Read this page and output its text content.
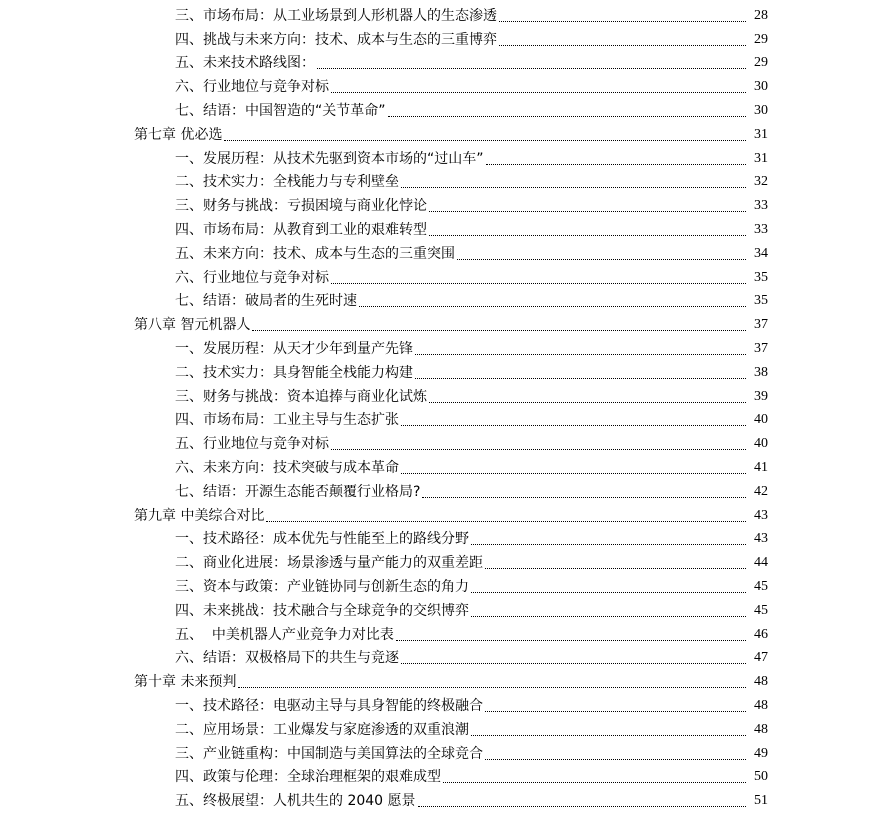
三、市场布局：从工业场景到人形机器人的生态渗透	28
四、挑战与未来方向：技术、成本与生态的三重博弈	29
五、未来技术路线图：	29
六、行业地位与竞争对标	30
七、结语：中国智造的“关节革命”	30
第七章 优必选	31
一、发展历程：从技术先驱到资本市场的“过山车”	31
二、技术实力：全栈能力与专利壁垒	32
三、财务与挑战：亏损困境与商业化悖论	33
四、市场布局：从教育到工业的艰难转型	33
五、未来方向：技术、成本与生态的三重突围	34
六、行业地位与竞争对标	35
七、结语：破局者的生死时速	35
第八章 智元机器人	37
一、发展历程：从天才少年到量产先锋	37
二、技术实力：具身智能全栈能力构建	38
三、财务与挑战：资本追捧与商业化试炼	39
四、市场布局：工业主导与生态扩张	40
五、行业地位与竞争对标	40
六、未来方向：技术突破与成本革命	41
七、结语：开源生态能否颠覆行业格局?	42
第九章 中美综合对比	43
一、技术路径：成本优先与性能至上的路线分野	43
二、商业化进展：场景渗透与量产能力的双重差距	44
三、资本与政策：产业链协同与创新生态的角力	45
四、未来挑战：技术融合与全球竞争的交织博弈	45
五、  中美机器人产业竞争力对比表	46
六、结语：双极格局下的共生与竞逐	47
第十章 未来预判	48
一、技术路径：电驱动主导与具身智能的终极融合	48
二、应用场景：工业爆发与家庭渗透的双重浪潮	48
三、产业链重构：中国制造与美国算法的全球竞合	49
四、政策与伦理：全球治理框架的艰难成型	50
五、终极展望：人机共生的 2040 愿景	51
